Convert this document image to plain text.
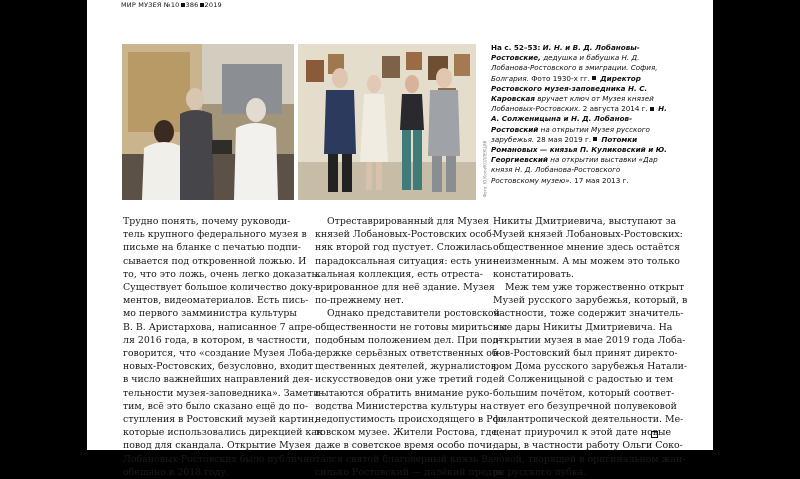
МИР МУЗЕЯ №10 386 2019
Фото: Ю.Коля/КОЛЛЕКЦИЯ
На с. 52–53: И. Н. и В. Д. Лобановы-Ростовские, дедушка и бабушка Н. Д. Лобанова-Ростовского в эмиграции. София, Болгария. Фото 1930-х гг. Директор Ростовского музея-заповедника Н. С. Каровская вручает ключ от Музея князей Лобановых-Ростовских. 2 августа 2014 г. Н. А. Солженицына и Н. Д. Лобанов-Ростовский на открытии Музея русского зарубежья. 28 мая 2019 г. Потомки Романовых — князья П. Куликовский и Ю. Георгиевский на открытии выставки «Дар князя Н. Д. Лобанова-Ростовского Ростовскому музею». 17 мая 2013 г.
Трудно понять, почему руководи-
тель крупного федерального музея в
письме на бланке с печатью подпи-
сывается под откровенной ложью. И
то, что это ложь, очень легко доказать.
Существует большое количество доку-
ментов, видеоматериалов. Есть пись-
мо первого замминистра культуры
В. В. Аристархова, написанное 7 апре-
ля 2016 года, в котором, в частности,
говорится, что «создание Музея Лоба-
новых-Ростовских, безусловно, входит
в число важнейших направлений дея-
тельности музея-заповедника». Замети-
тим, всё это было сказано ещё до по-
ступления в Ростовский музей картин,
которые использовались дирекцией как
повод для скандала. Открытие Музея
Лобановых-Ростовских было публично
обещано в 2018 году.
Отреставрированный для Музея
князей Лобановых-Ростовских особ-
няк второй год пустует. Сложилась
парадоксальная ситуация: есть уни-
кальная коллекция, есть отреста-
врированное для неё здание. Музея
по-прежнему нет.
Однако представители ростовской
общественности не готовы мириться с
подобным положением дел. При под-
держке серьёзных ответственных об-
щественных деятелей, журналистов,
искусствоведов они уже третий год
пытаются обратить внимание руко-
водства Министерства культуры на
недопустимость происходящего в Рос-
товском музее. Жители Ростова, где
даже в советское время особо почи-
тался святой благоверный князь Ва-
силько Ростовский — далёкий предок
Никиты Дмитриевича, выступают за
Музей князей Лобановых-Ростовских:
общественное мнение здесь остаётся
неизменным. А мы можем это только
констатировать.
Меж тем уже торжественно открыт
Музей русского зарубежья, который, в
частности, тоже содержит значитель-
ные дары Никиты Дмитриевича. На
открытии музея в мае 2019 года Лоба-
нов-Ростовский был принят директо-
ром Дома русского зарубежья Натали-
ей Солженицыной с радостью и тем
большим почётом, который соответ-
ствует его безупречной полувековой
филантропической деятельности. Ме-
ценат приурочил к этой дате новые
дары, в частности работу Ольги Соко-
ловой, творящей в оригинальном жан-
ре русского лубка.
